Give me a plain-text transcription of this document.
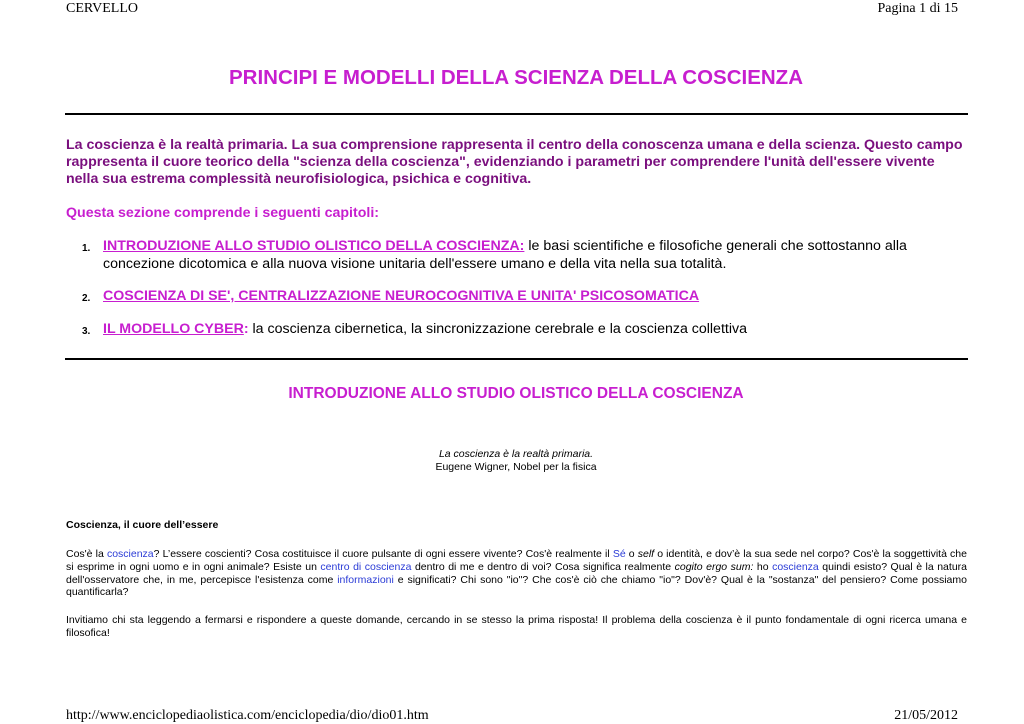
CERVELLO	Pagina 1 di 15
PRINCIPI E MODELLI DELLA SCIENZA DELLA COSCIENZA
La coscienza è la realtà primaria. La sua comprensione rappresenta il centro della conoscenza umana e della scienza. Questo campo rappresenta il cuore teorico della "scienza della coscienza", evidenziando i parametri per comprendere l'unità dell'essere vivente nella sua estrema complessità neurofisiologica, psichica e cognitiva.
Questa sezione comprende i seguenti capitoli:
1. INTRODUZIONE ALLO STUDIO OLISTICO DELLA COSCIENZA: le basi scientifiche e filosofiche generali che sottostanno alla concezione dicotomica e alla nuova visione unitaria dell'essere umano e della vita nella sua totalità.
2. COSCIENZA DI SE', CENTRALIZZAZIONE NEUROCOGNITIVA E UNITA' PSICOSOMATICA
3. IL MODELLO CYBER: la coscienza cibernetica, la sincronizzazione cerebrale e la coscienza collettiva
INTRODUZIONE ALLO STUDIO OLISTICO DELLA COSCIENZA
La coscienza è la realtà primaria.
Eugene Wigner, Nobel per la fisica
Coscienza, il cuore dell’essere
Cos'è la coscienza? L’essere coscienti? Cosa costituisce il cuore pulsante di ogni essere vivente? Cos'è realmente il Sé o self o identità, e dov’è la sua sede nel corpo? Cos'è la soggettività che si esprime in ogni uomo e in ogni animale? Esiste un centro di coscienza dentro di me e dentro di voi? Cosa significa realmente cogito ergo sum: ho coscienza quindi esisto? Qual è la natura dell'osservatore che, in me, percepisce l'esistenza come informazioni e significati? Chi sono "io"? Che cos'è ciò che chiamo "io"? Dov'è? Qual è la "sostanza" del pensiero? Come possiamo quantificarla?
Invitiamo chi sta leggendo a fermarsi e rispondere a queste domande, cercando in se stesso la prima risposta! Il problema della coscienza è il punto fondamentale di ogni ricerca umana e filosofica!
http://www.enciclopediaolistica.com/enciclopedia/dio/dio01.htm	21/05/2012
